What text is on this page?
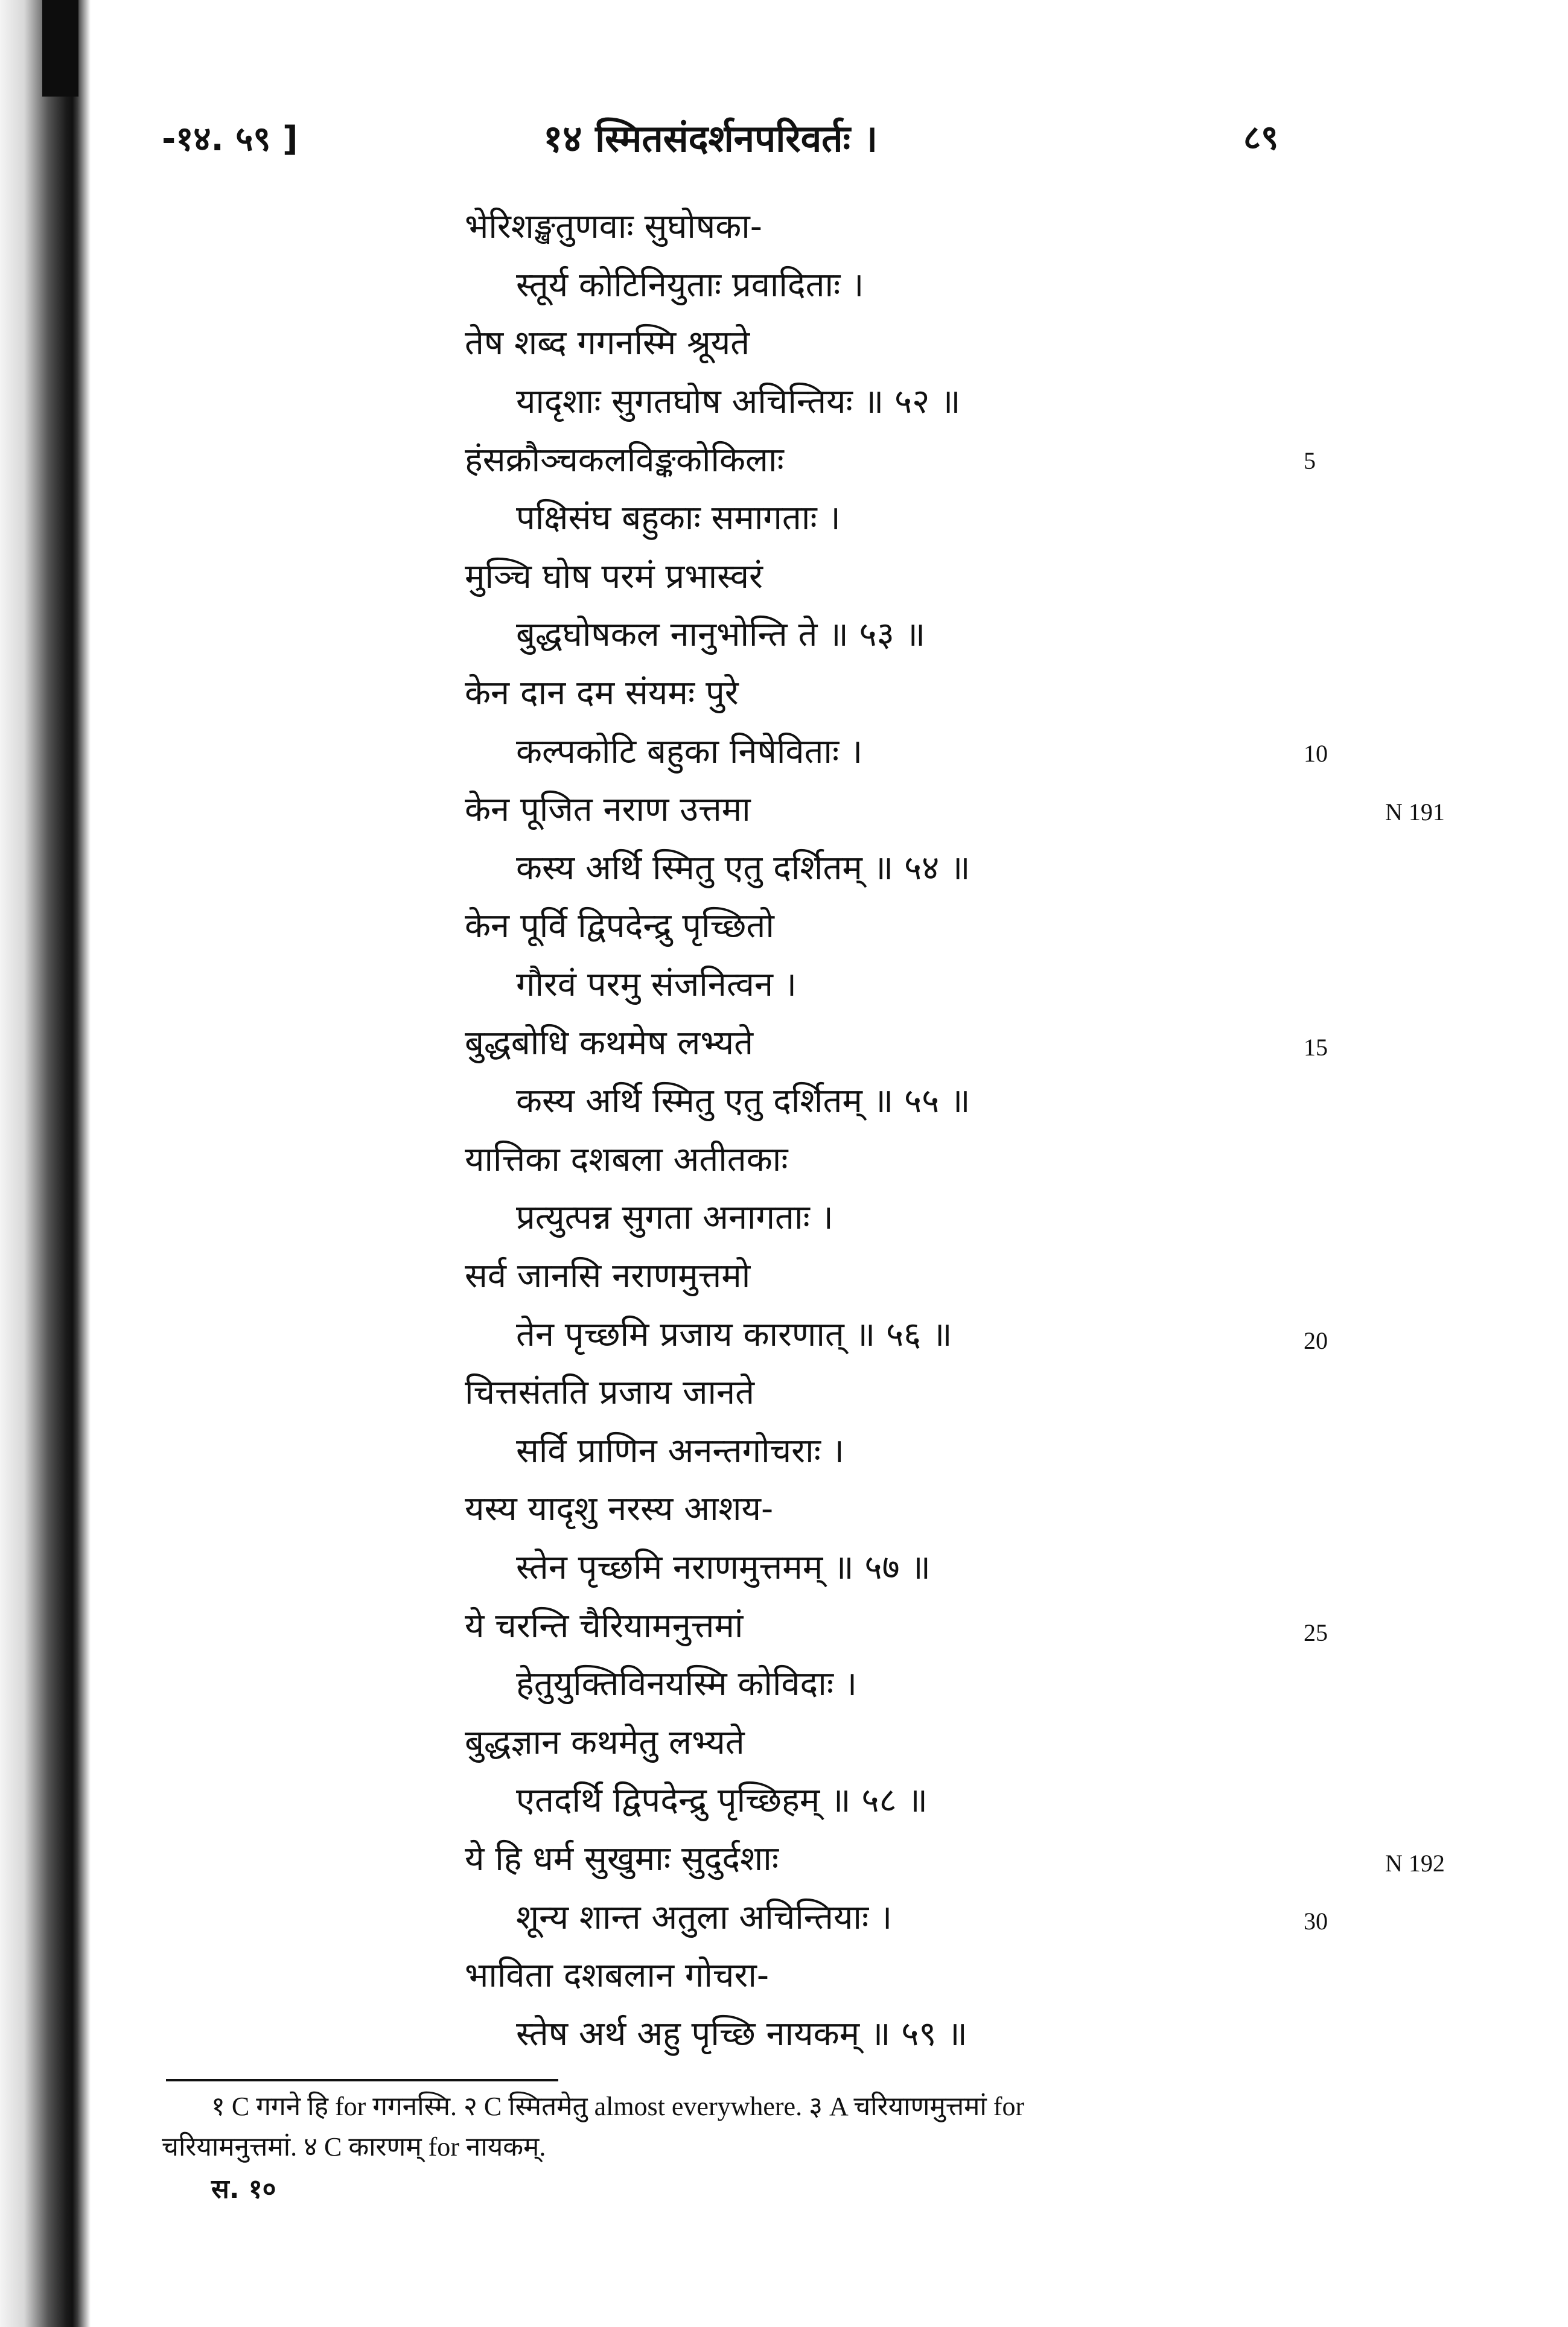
-१४. ५९ ]	१४ स्मितसंदर्शनपरिवर्तः ।	८९
भेरिशङ्खतुणवाः सुघोषका-
स्तूर्य कोटिनियुताः प्रवादिताः ।
तेष शब्द गगनस्मि श्रूयते
यादृशाः सुगतघोष अचिन्तियः ॥ ५२ ॥
हंसक्रौञ्चकलविङ्ककोकिलाः
पक्षिसंघ बहुकाः समागताः ।
मुञ्चि घोष परमं प्रभास्वरं
बुद्धघोषकल नानुभोन्ति ते ॥ ५३ ॥
केन दान दम संयमः पुरे
कल्पकोटि बहुका निषेविताः ।
केन पूजित नराण उत्तमा
कस्य अर्थि स्मितु एतु दर्शितम् ॥ ५४ ॥
केन पूर्वि द्विपदेन्द्रु पृच्छितो
गौरवं परमु संजनित्वन ।
बुद्धबोधि कथमेष लभ्यते
कस्य अर्थि स्मितु एतु दर्शितम् ॥ ५५ ॥
यात्तिका दशबला अतीतकाः
प्रत्युत्पन्न सुगता अनागताः ।
सर्व जानसि नराणमुत्तमो
तेन पृच्छमि प्रजाय कारणात् ॥ ५६ ॥
चित्तसंतति प्रजाय जानते
सर्वि प्राणिन अनन्तगोचराः ।
यस्य यादृशु नरस्य आशय-
स्तेन पृच्छमि नराणमुत्तमम् ॥ ५७ ॥
ये चरन्ति चैरियामनुत्तमां
हेतुयुक्तिविनयस्मि कोविदाः ।
बुद्धज्ञान कथमेतु लभ्यते
एतदर्थि द्विपदेन्द्रु पृच्छिहम् ॥ ५८ ॥
ये हि धर्म सुखुमाः सुदुर्दशाः
शून्य शान्त अतुला अचिन्तियाः ।
भाविता दशबलान गोचरा-
स्तेष अर्थ अहु पृच्छि नायकम् ॥ ५९ ॥
5
10
15
20
25
30
N 191
N 192
१ C गगने हि for गगनस्मि. २ C स्मितमेतु almost everywhere. ३ A चरियाणमुत्तमां for
चरियामनुत्तमां. ४ C कारणम् for नायकम्.
स. १०
